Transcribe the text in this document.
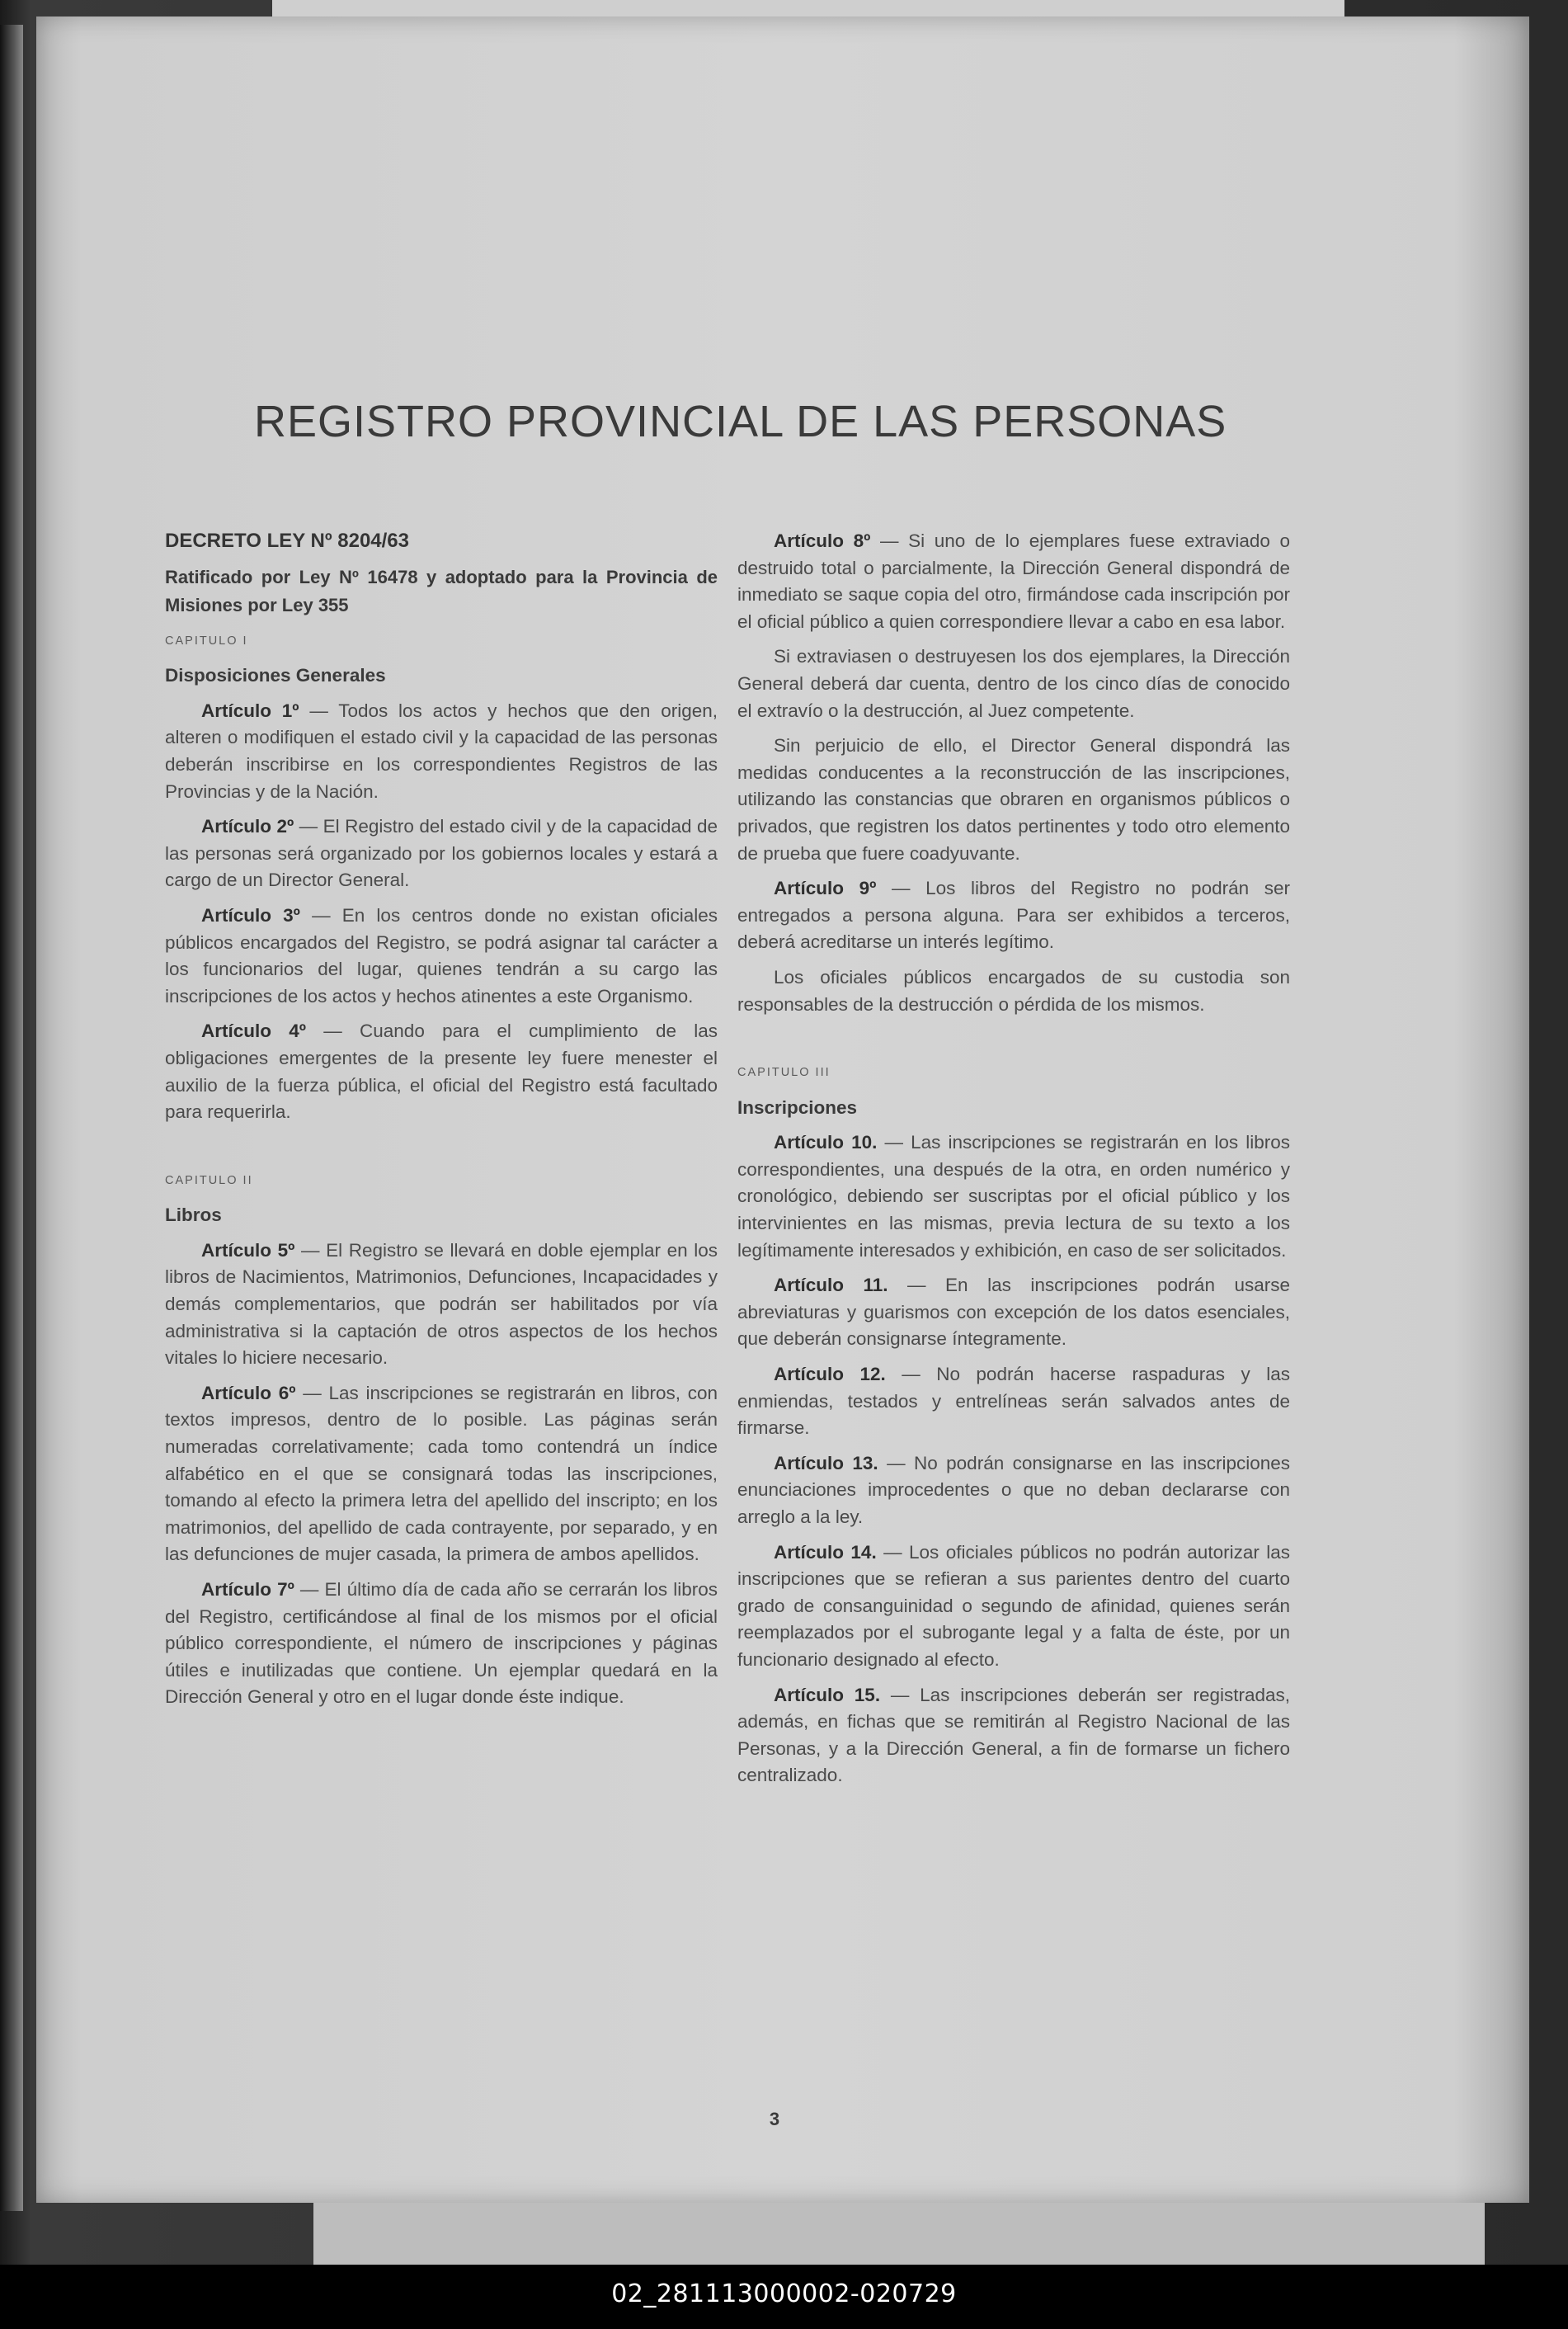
REGISTRO PROVINCIAL DE LAS PERSONAS

DECRETO LEY Nº 8204/63

Ratificado por Ley Nº 16478 y adoptado para la Provincia de Misiones por Ley 355

CAPITULO I

Disposiciones Generales

Artículo 1º — Todos los actos y hechos que den origen, alteren o modifiquen el estado civil y la capacidad de las personas deberán inscribirse en los correspondientes Registros de las Provincias y de la Nación.

Artículo 2º — El Registro del estado civil y de la capacidad de las personas será organizado por los gobiernos locales y estará a cargo de un Director General.

Artículo 3º — En los centros donde no existan oficiales públicos encargados del Registro, se podrá asignar tal carácter a los funcionarios del lugar, quienes tendrán a su cargo las inscripciones de los actos y hechos atinentes a este Organismo.

Artículo 4º — Cuando para el cumplimiento de las obligaciones emergentes de la presente ley fuere menester el auxilio de la fuerza pública, el oficial del Registro está facultado para requerirla.

CAPITULO II

Libros

Artículo 5º — El Registro se llevará en doble ejemplar en los libros de Nacimientos, Matrimonios, Defunciones, Incapacidades y demás complementarios, que podrán ser habilitados por vía administrativa si la captación de otros aspectos de los hechos vitales lo hiciere necesario.

Artículo 6º — Las inscripciones se registrarán en libros, con textos impresos, dentro de lo posible. Las páginas serán numeradas correlativamente; cada tomo contendrá un índice alfabético en el que se consignará todas las inscripciones, tomando al efecto la primera letra del apellido del inscripto; en los matrimonios, del apellido de cada contrayente, por separado, y en las defunciones de mujer casada, la primera de ambos apellidos.

Artículo 7º — El último día de cada año se cerrarán los libros del Registro, certificándose al final de los mismos por el oficial público correspondiente, el número de inscripciones y páginas útiles e inutilizadas que contiene. Un ejemplar quedará en la Dirección General y otro en el lugar donde éste indique.

Artículo 8º — Si uno de lo ejemplares fuese extraviado o destruido total o parcialmente, la Dirección General dispondrá de inmediato se saque copia del otro, firmándose cada inscripción por el oficial público a quien correspondiere llevar a cabo en esa labor.

Si extraviasen o destruyesen los dos ejemplares, la Dirección General deberá dar cuenta, dentro de los cinco días de conocido el extravío o la destrucción, al Juez competente.

Sin perjuicio de ello, el Director General dispondrá las medidas conducentes a la reconstrucción de las inscripciones, utilizando las constancias que obraren en organismos públicos o privados, que registren los datos pertinentes y todo otro elemento de prueba que fuere coadyuvante.

Artículo 9º — Los libros del Registro no podrán ser entregados a persona alguna. Para ser exhibidos a terceros, deberá acreditarse un interés legítimo.

Los oficiales públicos encargados de su custodia son responsables de la destrucción o pérdida de los mismos.

CAPITULO III

Inscripciones

Artículo 10. — Las inscripciones se registrarán en los libros correspondientes, una después de la otra, en orden numérico y cronológico, debiendo ser suscriptas por el oficial público y los intervinientes en las mismas, previa lectura de su texto a los legítimamente interesados y exhibición, en caso de ser solicitados.

Artículo 11. — En las inscripciones podrán usarse abreviaturas y guarismos con excepción de los datos esenciales, que deberán consignarse íntegramente.

Artículo 12. — No podrán hacerse raspaduras y las enmiendas, testados y entrelíneas serán salvados antes de firmarse.

Artículo 13. — No podrán consignarse en las inscripciones enunciaciones improcedentes o que no deban declararse con arreglo a la ley.

Artículo 14. — Los oficiales públicos no podrán autorizar las inscripciones que se refieran a sus parientes dentro del cuarto grado de consanguinidad o segundo de afinidad, quienes serán reemplazados por el subrogante legal y a falta de éste, por un funcionario designado al efecto.

Artículo 15. — Las inscripciones deberán ser registradas, además, en fichas que se remitirán al Registro Nacional de las Personas, y a la Dirección General, a fin de formarse un fichero centralizado.

3
02_281113000002-020729
